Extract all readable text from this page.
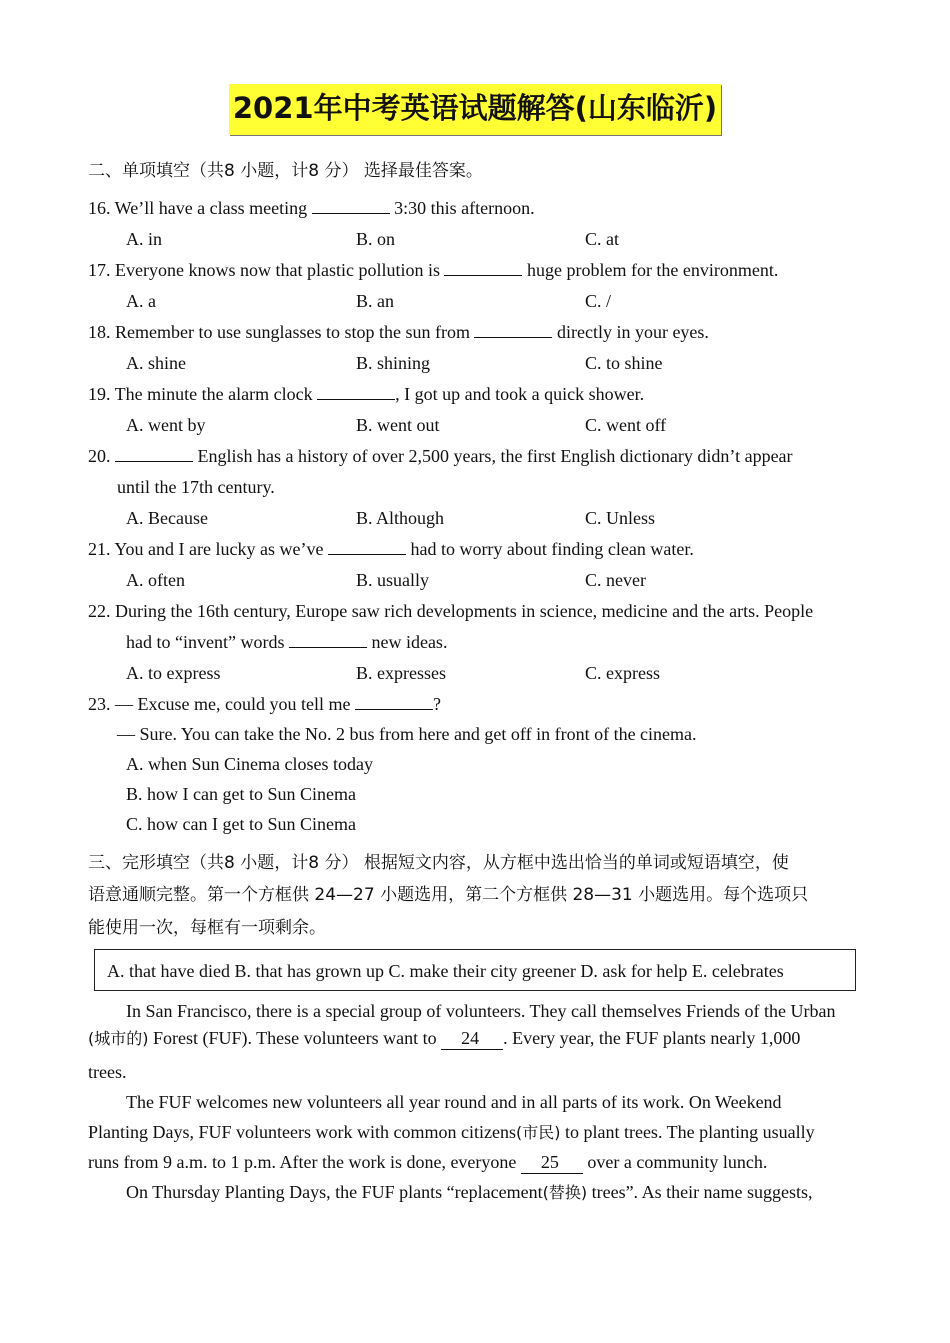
2021年中考英语试题解答(山东临沂)
二、单项填空（共8 小题，计8 分） 选择最佳答案。
16. We’ll have a class meeting	3:30 this afternoon.
A. in	B. on	C. at
17. Everyone knows now that plastic pollution is	huge problem for the environment.
A. a	B. an	C. /
18. Remember to use sunglasses to stop the sun from	directly in your eyes.
A. shine	B. shining	C. to shine
19. The minute the alarm clock	, I got up and took a quick shower.
A. went by	B. went out	C. went off
20.	English has a history of over 2,500 years, the first English dictionary didn’t appear
until the 17th century.
A. Because	B. Although	C. Unless
21. You and I are lucky as we’ve	had to worry about finding clean water.
A. often	B. usually	C. never
22. During the 16th century, Europe saw rich developments in science, medicine and the arts. People
had to “invent” words	new ideas.
A. to express	B. expresses	C. express
23. — Excuse me, could you tell me	?
— Sure. You can take the No. 2 bus from here and get off in front of the cinema.
A. when Sun Cinema closes today
B. how I can get to Sun Cinema
C. how can I get to Sun Cinema
三、完形填空（共8 小题，计8 分） 根据短文内容，从方框中选出恰当的单词或短语填空，使
语意通顺完整。第一个方框供 24—27 小题选用，第二个方框供 28—31 小题选用。每个选项只
能使用一次，每框有一项剩余。
A. that have died B. that has grown up C. make their city greener D. ask for help E. celebrates
In San Francisco, there is a special group of volunteers. They call themselves Friends of the Urban
(城市的) Forest (FUF). These volunteers want to 24 . Every year, the FUF plants nearly 1,000
trees.
The FUF welcomes new volunteers all year round and in all parts of its work. On Weekend
Planting Days, FUF volunteers work with common citizens(市民) to plant trees. The planting usually
runs from 9 a.m. to 1 p.m. After the work is done, everyone 25 over a community lunch.
On Thursday Planting Days, the FUF plants “replacement(替换) trees”. As their name suggests,
